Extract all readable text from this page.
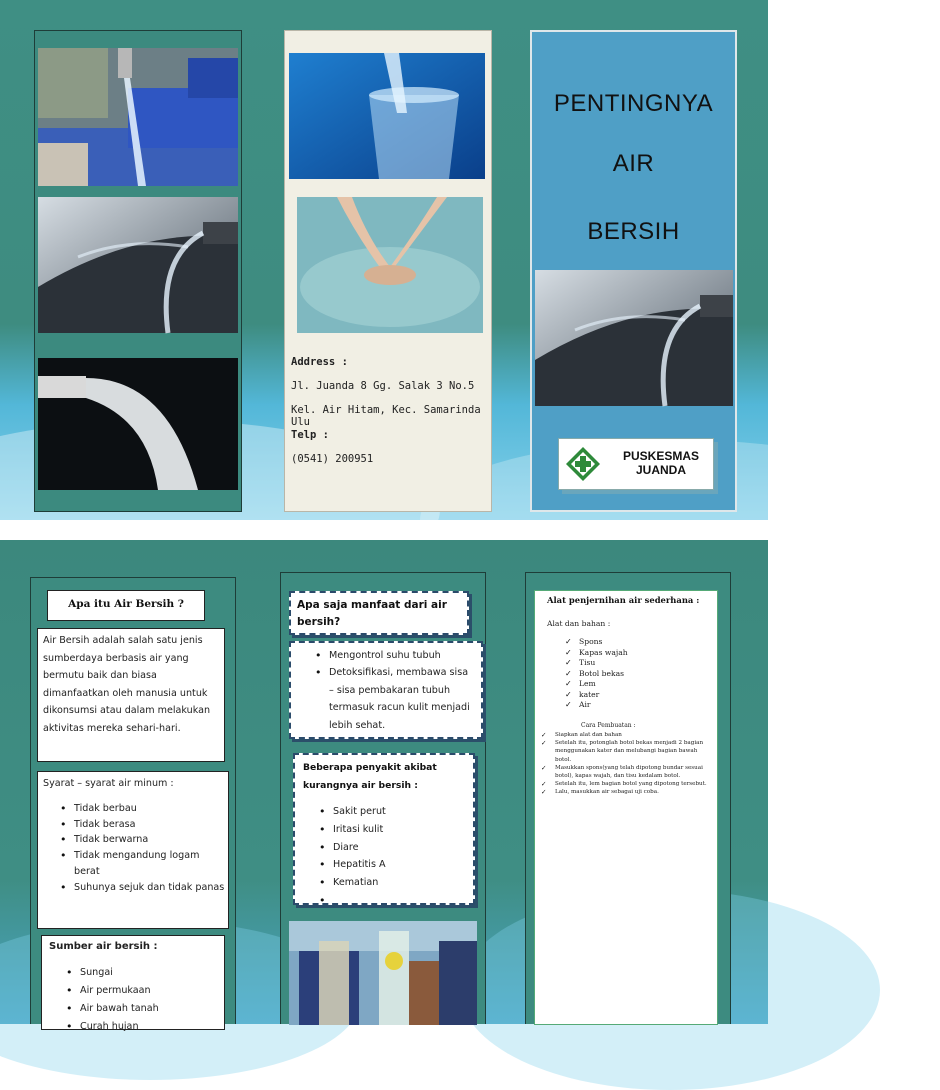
Address :
Jl. Juanda 8 Gg. Salak 3 No.5
Kel. Air Hitam, Kec. Samarinda Ulu
Telp :
(0541) 200951
PENTINGNYA
AIR
BERSIH
PUSKESMAS
JUANDA
Apa itu Air Bersih ?
Air Bersih adalah salah satu jenis sumberdaya berbasis air yang bermutu baik dan biasa dimanfaatkan oleh manusia untuk dikonsumsi atau dalam melakukan aktivitas mereka sehari-hari.
Syarat – syarat air minum :
• Tidak berbau
• Tidak berasa
• Tidak berwarna
• Tidak mengandung logam berat
• Suhunya sejuk dan tidak panas
Sumber air bersih :
• Sungai
• Air permukaan
• Air bawah tanah
• Curah hujan
Apa saja manfaat dari air bersih?
• Mengontrol suhu tubuh
• Detoksifikasi, membawa sisa – sisa pembakaran tubuh termasuk racun kulit menjadi lebih sehat.
Beberapa penyakit akibat kurangnya air bersih :
• Sakit perut
• Iritasi kulit
• Diare
• Hepatitis A
• Kematian
•
Alat penjernihan air sederhana :
Alat dan bahan :
✓ Spons
✓ Kapas wajah
✓ Tisu
✓ Botol bekas
✓ Lem
✓ kater
✓ Air
Cara Pembuatan :
✓ Siapkan alat dan bahan
✓ Setelah itu, potonglah botol bekas menjadi 2 bagian menggunakan kater dan melubangi bagian bawah botol.
✓ Masukkan spons(yang telah dipotong bundar sesuai botol), kapas wajah, dan tisu kedalam botol.
✓ Setelah itu, lem bagian botol yang dipotong tersebut.
✓ Lalu, masukkan air sebagai uji coba.
